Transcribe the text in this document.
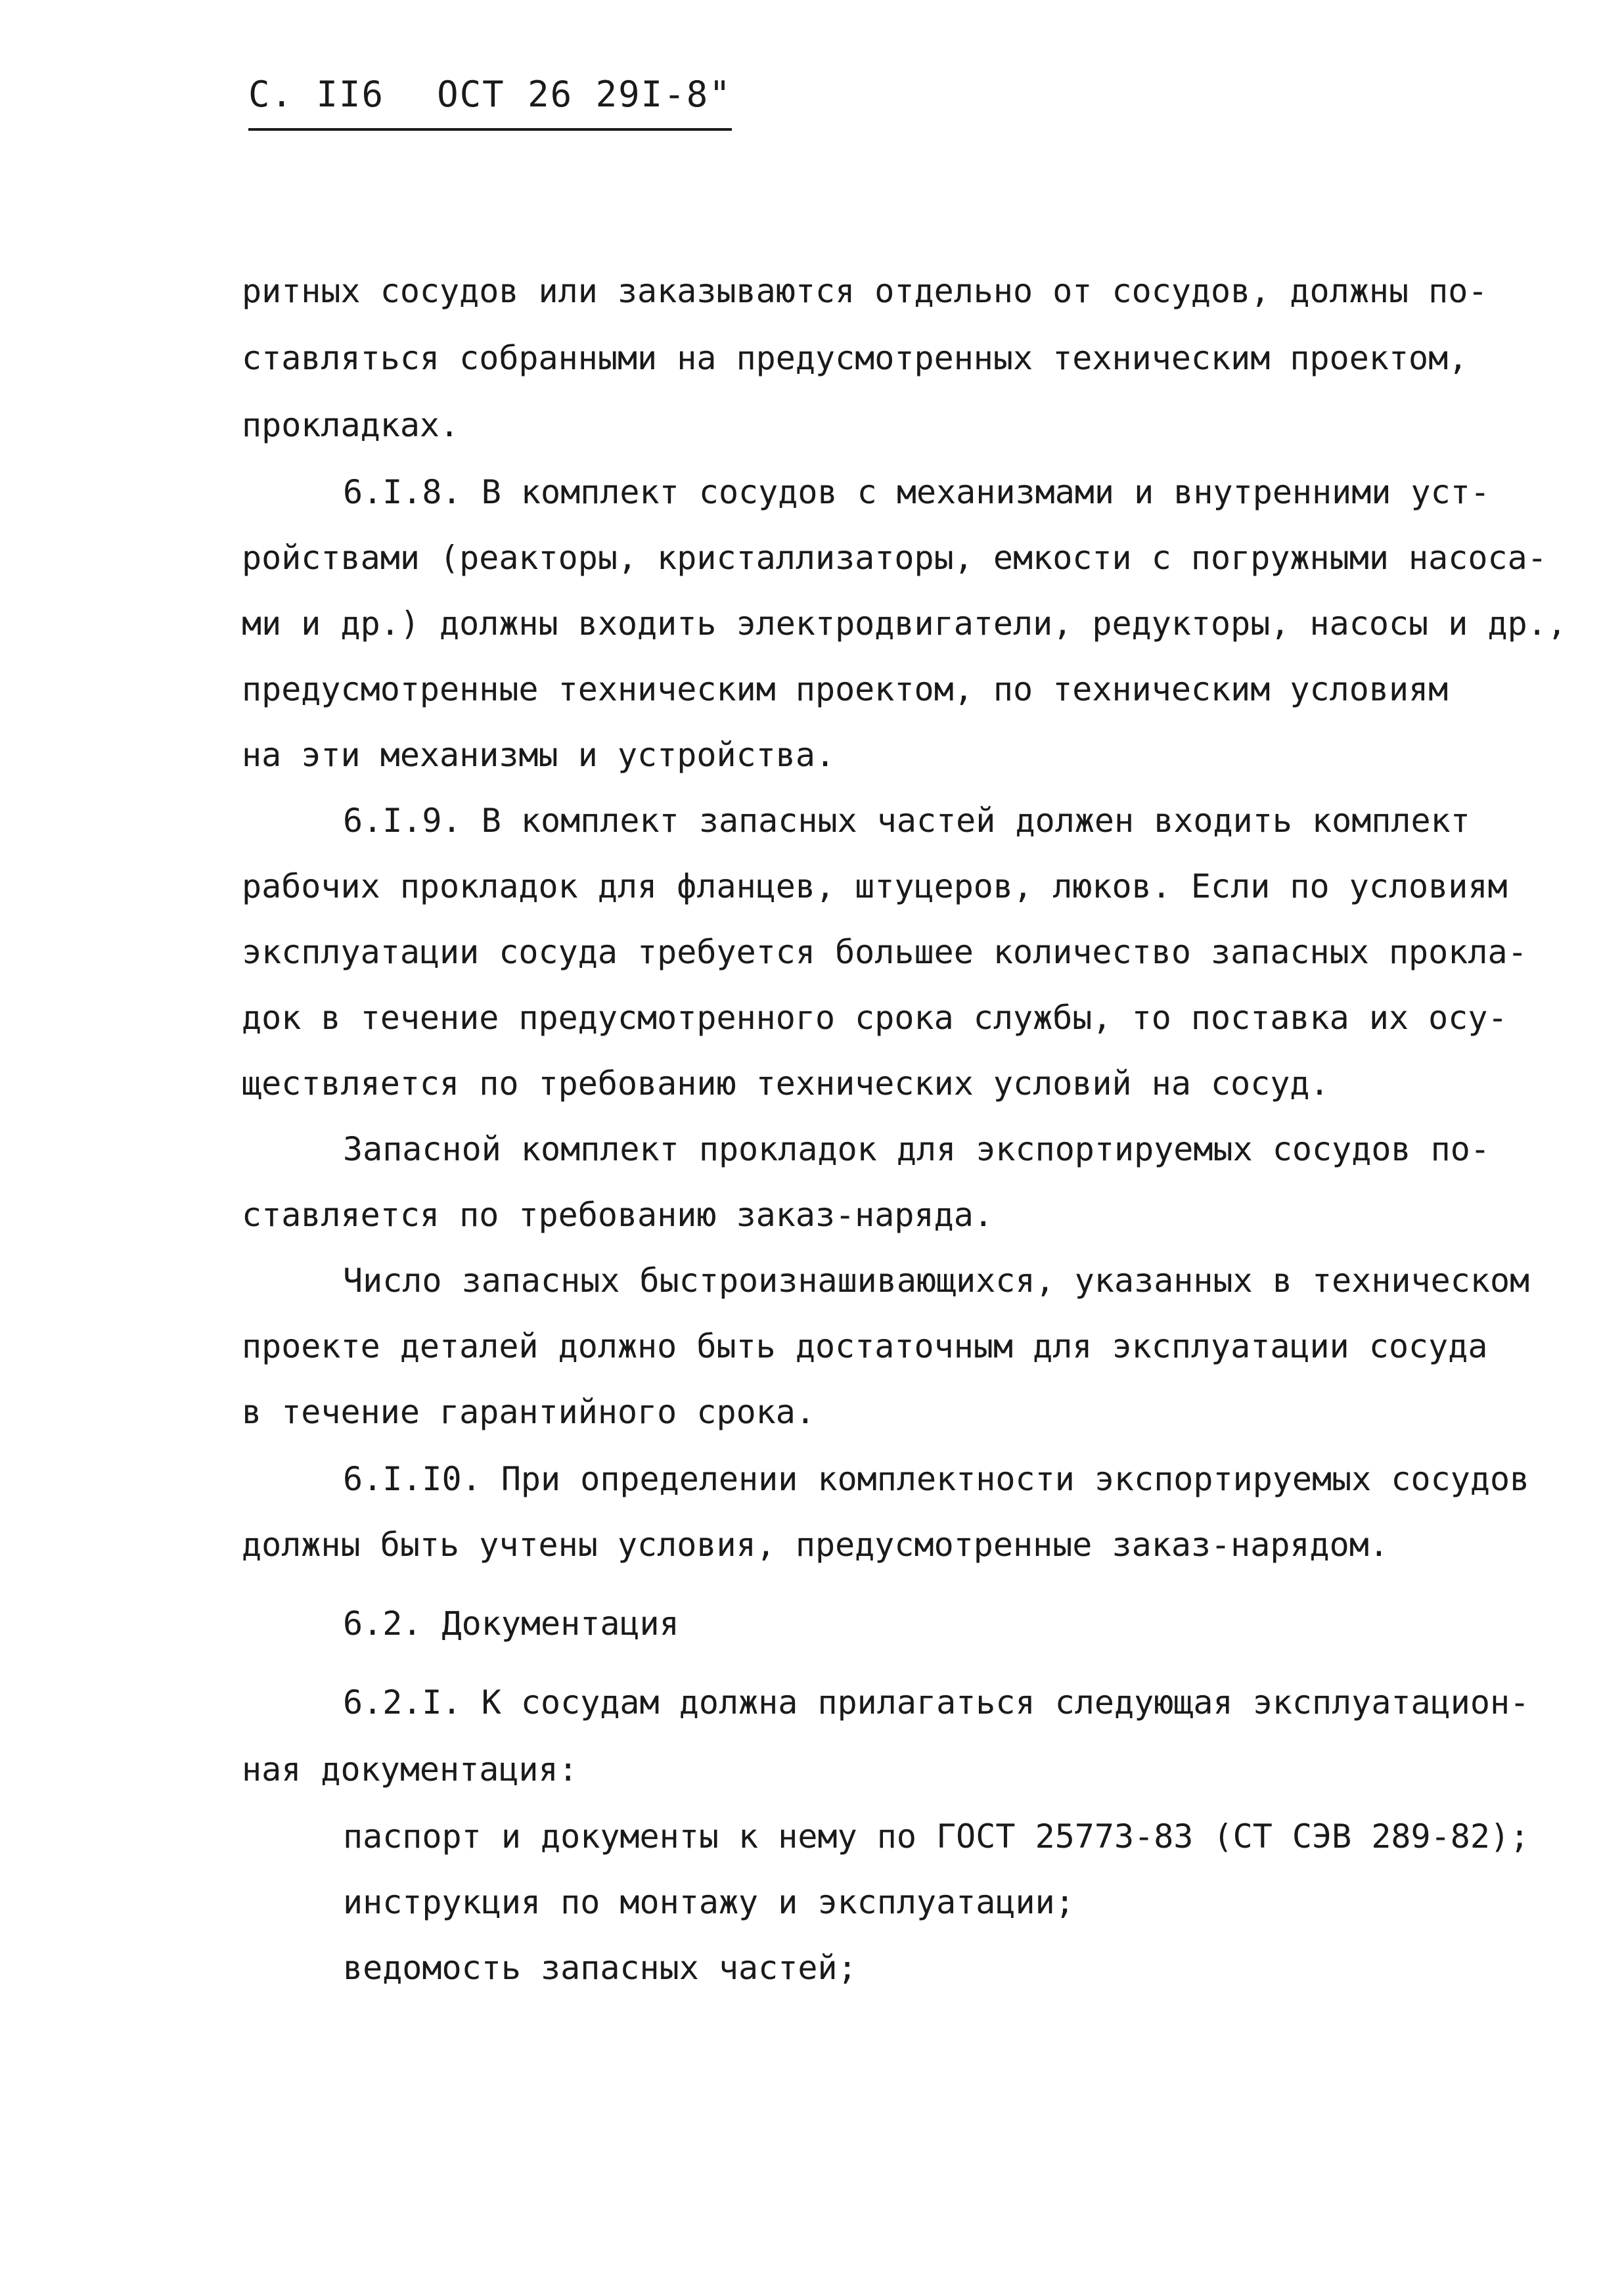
С. II6 ОСТ 26 29I-8"
ритных сосудов или заказываются отдельно от сосудов, должны по-
ставляться собранными на предусмотренных техническим проектом,
прокладках.
6.I.8. В комплект сосудов с механизмами и внутренними уст-
ройствами (реакторы, кристаллизаторы, емкости с погружными насоса-
ми и др.) должны входить электродвигатели, редукторы, насосы и др.,
предусмотренные техническим проектом, по техническим условиям
на эти механизмы и устройства.
6.I.9. В комплект запасных частей должен входить комплект
рабочих прокладок для фланцев, штуцеров, люков. Если по условиям
эксплуатации сосуда требуется большее количество запасных прокла-
док в течение предусмотренного срока службы, то поставка их осу-
ществляется по требованию технических условий на сосуд.
Запасной комплект прокладок для экспортируемых сосудов по-
ставляется по требованию заказ-наряда.
Число запасных быстроизнашивающихся, указанных в техническом
проекте деталей должно быть достаточным для эксплуатации сосуда
в течение гарантийного срока.
6.I.I0. При определении комплектности экспортируемых сосудов
должны быть учтены условия, предусмотренные заказ-нарядом.
6.2. Документация
6.2.I. К сосудам должна прилагаться следующая эксплуатацион-
ная документация:
паспорт и документы к нему по ГОСТ 25773-83 (СТ СЭВ 289-82);
инструкция по монтажу и эксплуатации;
ведомость запасных частей;
